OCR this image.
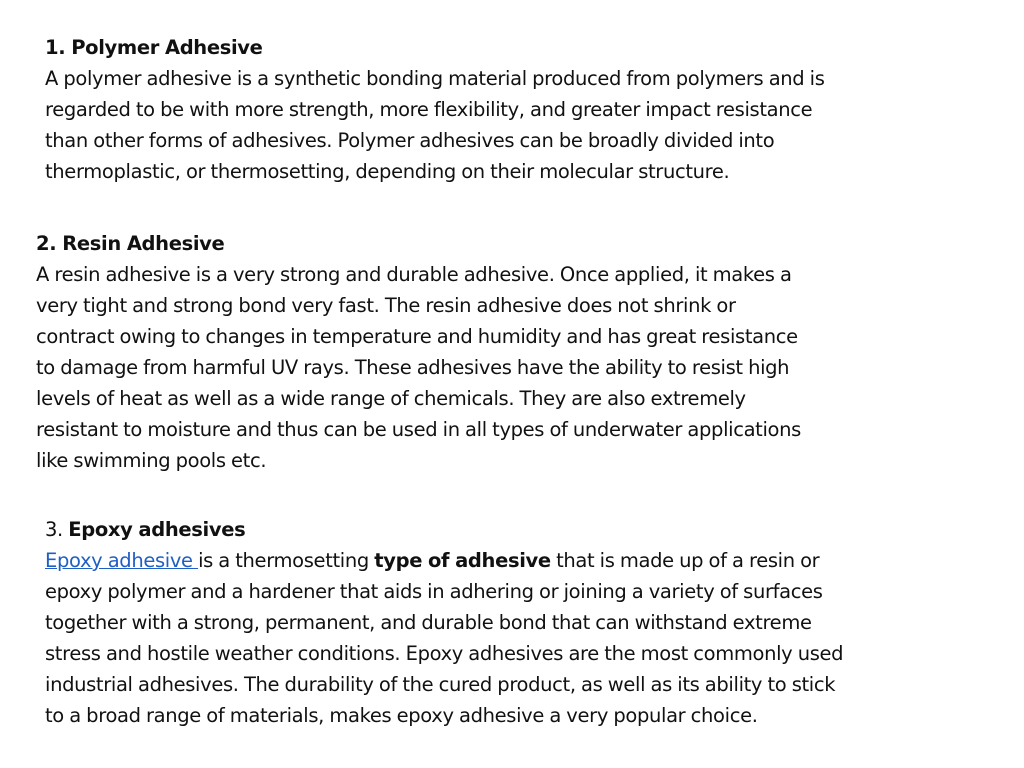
1. Polymer Adhesive

A polymer adhesive is a synthetic bonding material produced from polymers and is
regarded to be with more strength, more flexibility, and greater impact resistance
than other forms of adhesives. Polymer adhesives can be broadly divided into
thermoplastic, or thermosetting, depending on their molecular structure.

2. Resin Adhesive

A resin adhesive is a very strong and durable adhesive. Once applied, it makes a
very tight and strong bond very fast. The resin adhesive does not shrink or
contract owing to changes in temperature and humidity and has great resistance
to damage from harmful UV rays. These adhesives have the ability to resist high
levels of heat as well as a wide range of chemicals. They are also extremely
resistant to moisture and thus can be used in all types of underwater applications
like swimming pools etc.

3. Epoxy adhesives

Epoxy adhesive is a thermosetting type of adhesive that is made up of a resin or
epoxy polymer and a hardener that aids in adhering or joining a variety of surfaces
together with a strong, permanent, and durable bond that can withstand extreme
stress and hostile weather conditions. Epoxy adhesives are the most commonly used
industrial adhesives. The durability of the cured product, as well as its ability to stick
to a broad range of materials, makes epoxy adhesive a very popular choice.
